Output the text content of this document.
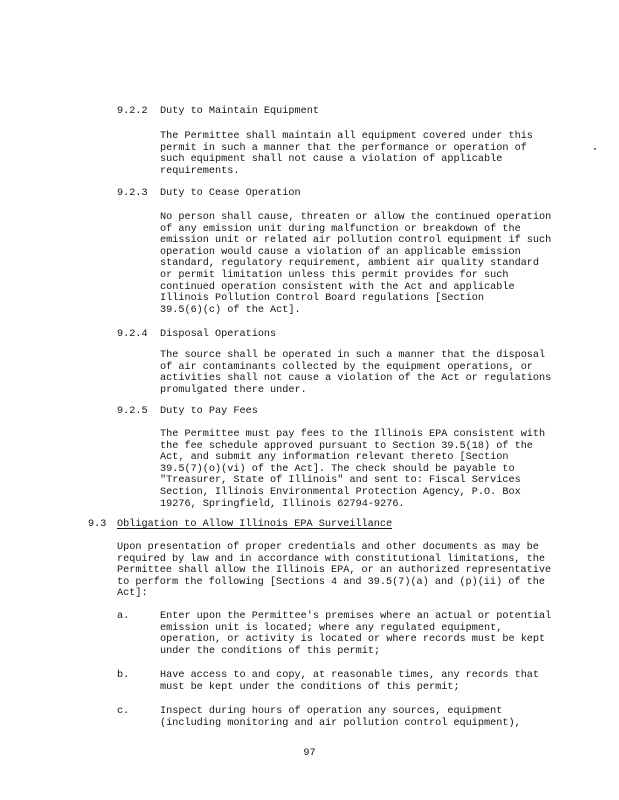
9.2.2 Duty to Maintain Equipment
The Permittee shall maintain all equipment covered under this
permit in such a manner that the performance or operation of
such equipment shall not cause a violation of applicable
requirements.
9.2.3 Duty to Cease Operation
No person shall cause, threaten or allow the continued operation
of any emission unit during malfunction or breakdown of the
emission unit or related air pollution control equipment if such
operation would cause a violation of an applicable emission
standard, regulatory requirement, ambient air quality standard
or permit limitation unless this permit provides for such
continued operation consistent with the Act and applicable
Illinois Pollution Control Board regulations [Section
39.5(6)(c) of the Act].
9.2.4 Disposal Operations
The source shall be operated in such a manner that the disposal
of air contaminants collected by the equipment operations, or
activities shall not cause a violation of the Act or regulations
promulgated there under.
9.2.5 Duty to Pay Fees
The Permittee must pay fees to the Illinois EPA consistent with
the fee schedule approved pursuant to Section 39.5(18) of the
Act, and submit any information relevant thereto [Section
39.5(7)(o)(vi) of the Act]. The check should be payable to
"Treasurer, State of Illinois" and sent to: Fiscal Services
Section, Illinois Environmental Protection Agency, P.O. Box
19276, Springfield, Illinois 62794-9276.
9.3 Obligation to Allow Illinois EPA Surveillance
Upon presentation of proper credentials and other documents as may be
required by law and in accordance with constitutional limitations, the
Permittee shall allow the Illinois EPA, or an authorized representative
to perform the following [Sections 4 and 39.5(7)(a) and (p)(ii) of the
Act]:
a.	Enter upon the Permittee's premises where an actual or potential
emission unit is located; where any regulated equipment,
operation, or activity is located or where records must be kept
under the conditions of this permit;
b.	Have access to and copy, at reasonable times, any records that
must be kept under the conditions of this permit;
c.	Inspect during hours of operation any sources, equipment
(including monitoring and air pollution control equipment),
97
